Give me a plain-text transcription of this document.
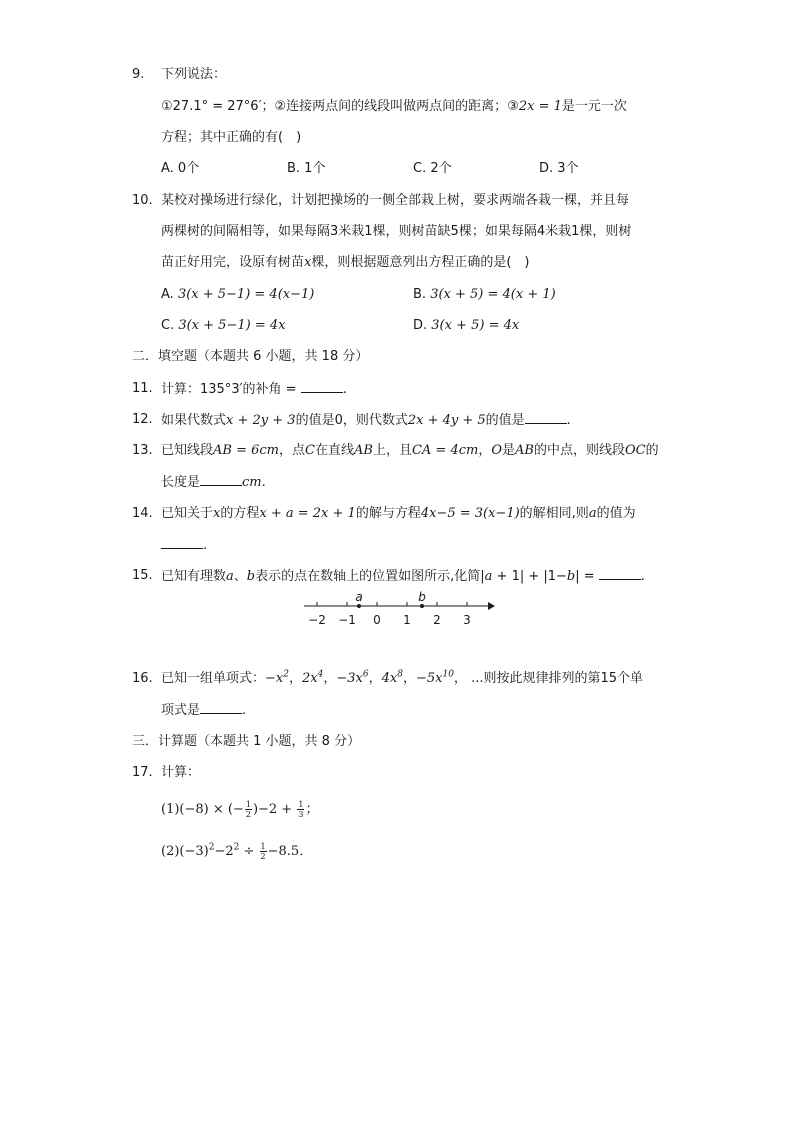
9. 下列说法：
①27.1° = 27°6′；②连接两点间的线段叫做两点间的距离；③2x = 1是一元一次
方程；其中正确的有(　)
A. 0个	B. 1个	C. 2个	D. 3个
10. 某校对操场进行绿化，计划把操场的一侧全部栽上树，要求两端各栽一棵，并且每
两棵树的间隔相等，如果每隔3米栽1棵，则树苗缺5棵；如果每隔4米栽1棵，则树
苗正好用完，设原有树苗x棵，则根据题意列出方程正确的是(　)
A. 3(x + 5−1) = 4(x−1)	B. 3(x + 5) = 4(x + 1)
C. 3(x + 5−1) = 4x	D. 3(x + 5) = 4x
二．填空题（本题共 6 小题，共 18 分）
11. 计算：135°3′的补角 =	.
12. 如果代数式x + 2y + 3的值是0，则代数式2x + 4y + 5的值是	.
13. 已知线段AB = 6cm，点C在直线AB上，且CA = 4cm，O是AB的中点，则线段OC的
长度是	cm.
14. 已知关于x的方程x + a = 2x + 1的解与方程4x−5 = 3(x−1)的解相同,则a的值为
.
15. 已知有理数a、b表示的点在数轴上的位置如图所示,化简|a + 1| + |1−b| =	.
−2 −1 0 1 2 3
a	b
16. 已知一组单项式：$-x^2$，$2x^4$，$-3x^6$，$4x^8$，$-5x^{10}$， ...则按此规律排列的第15个单
项式是	.
三．计算题（本题共 1 小题，共 8 分）
17. 计算：
(1)(−8) × (− $\frac{1}{2} )-2 + \frac{1}{3}$ ；
$(2)(-3)^2-2^2 \div \frac{1}{2} -8.5$．
